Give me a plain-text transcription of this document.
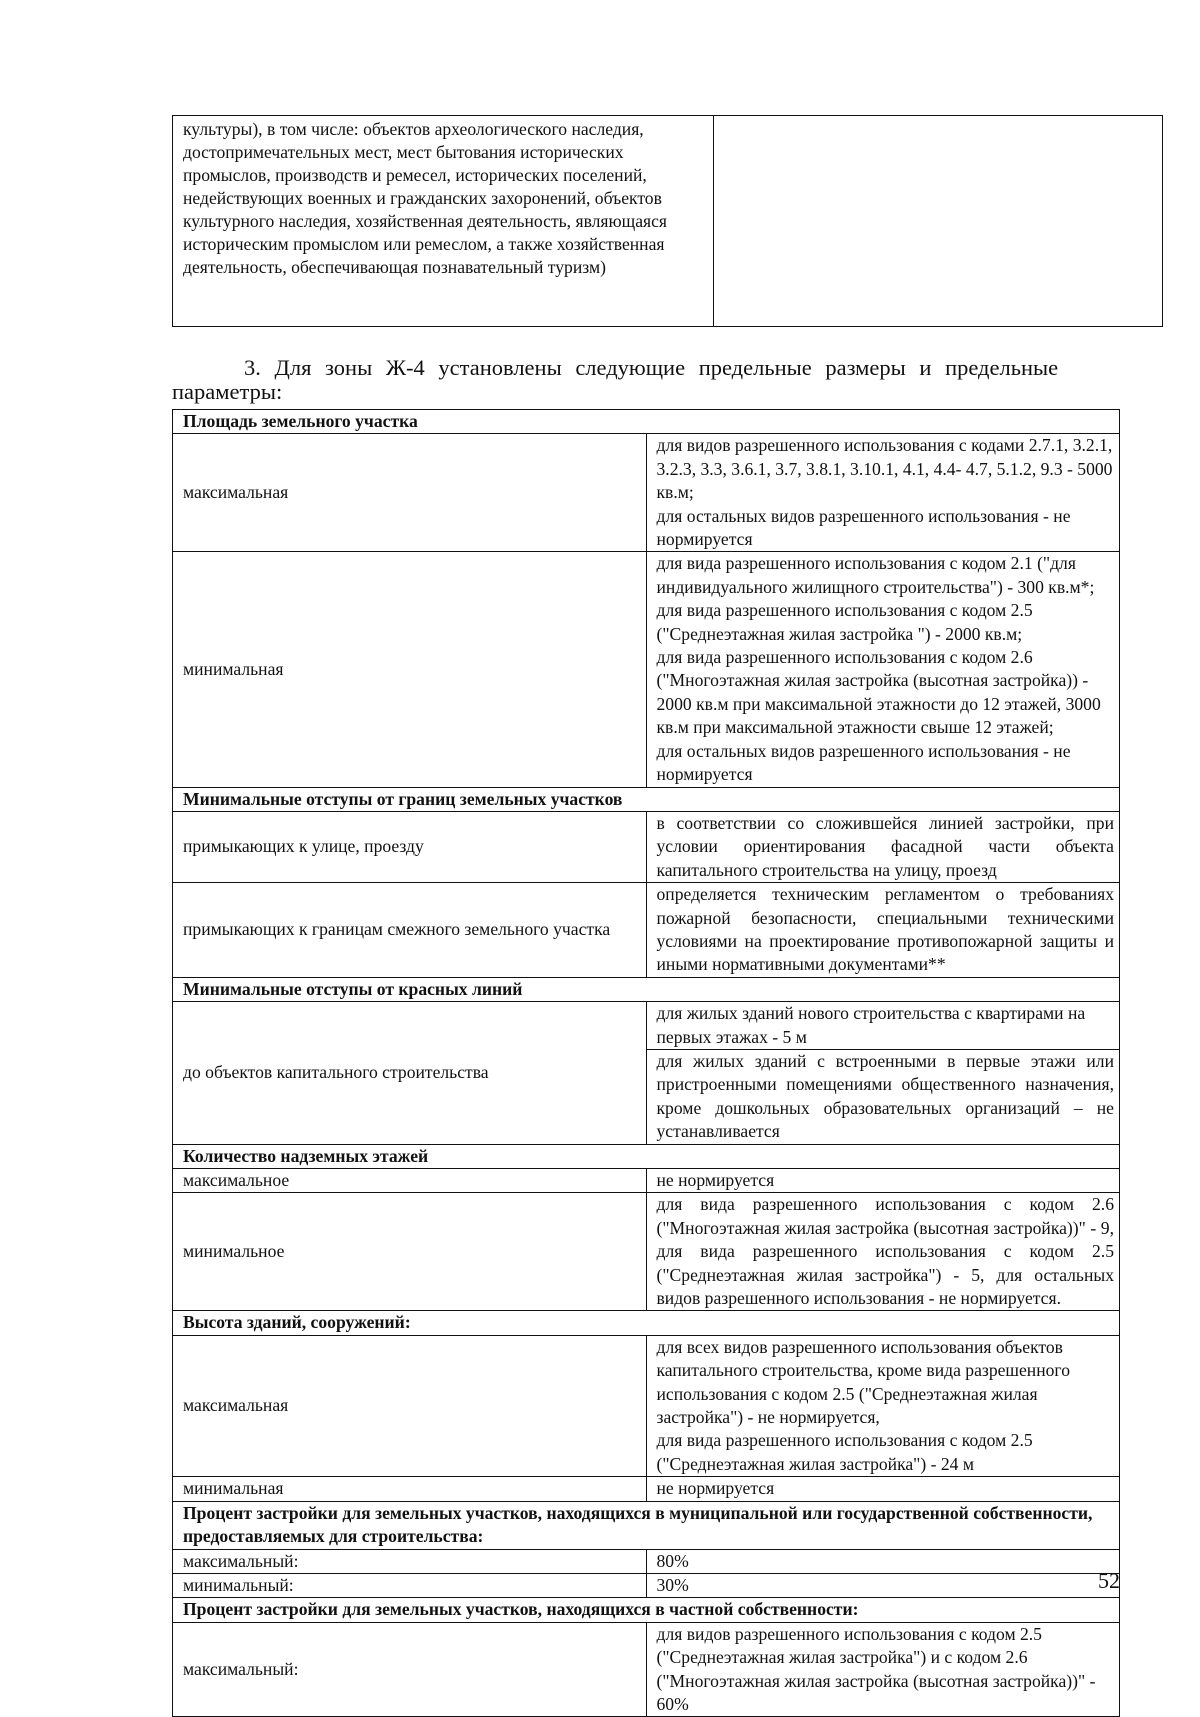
культуры), в том числе: объектов археологического наследия, достопримечательных мест, мест бытования исторических промыслов, производств и ремесел, исторических поселений, недействующих военных и гражданских захоронений, объектов культурного наследия, хозяйственная деятельность, являющаяся историческим промыслом или ремеслом, а также хозяйственная деятельность, обеспечивающая познавательный туризм)	
3. Для зоны Ж-4 установлены следующие предельные размеры и предельные
параметры:
Площадь земельного участка	
максимальная	для видов разрешенного использования с кодами 2.7.1, 3.2.1, 3.2.3, 3.3, 3.6.1, 3.7, 3.8.1, 3.10.1, 4.1, 4.4- 4.7, 5.1.2, 9.3 - 5000 кв.м;
для остальных видов разрешенного использования - не нормируется
минимальная	для вида разрешенного использования с кодом 2.1 ("для индивидуального жилищного строительства") - 300 кв.м*;
для вида разрешенного использования с кодом 2.5 ("Среднеэтажная жилая застройка ") - 2000 кв.м;
для вида разрешенного использования с кодом 2.6 ("Многоэтажная жилая застройка (высотная застройка)) - 2000 кв.м при максимальной этажности до 12 этажей, 3000 кв.м при максимальной этажности свыше 12 этажей;
для остальных видов разрешенного использования - не нормируется
Минимальные отступы от границ земельных участков	
примыкающих к улице, проезду	в соответствии со сложившейся линией застройки, при условии ориентирования фасадной части объекта капитального строительства на улицу, проезд
примыкающих к границам смежного земельного участка	определяется техническим регламентом о требованиях пожарной безопасности, специальными техническими условиями на проектирование противопожарной защиты и иными нормативными документами**
Минимальные отступы от красных линий	
до объектов капитального строительства	для жилых зданий нового строительства с квартирами на первых этажах - 5 м
	для жилых зданий с встроенными в первые этажи или пристроенными помещениями общественного назначения, кроме дошкольных образовательных организаций – не устанавливается
Количество надземных этажей	
максимальное	не нормируется
минимальное	для вида разрешенного использования с кодом 2.6 ("Многоэтажная жилая застройка (высотная застройка))" - 9, для вида разрешенного использования с кодом 2.5 ("Среднеэтажная жилая застройка") - 5, для остальных видов разрешенного использования - не нормируется.
Высота зданий, сооружений:	
максимальная	для всех видов разрешенного использования объектов капитального строительства, кроме вида разрешенного использования с кодом 2.5 ("Среднеэтажная жилая застройка") - не нормируется,
для вида разрешенного использования с кодом 2.5 ("Среднеэтажная жилая застройка") - 24 м
минимальная	не нормируется
Процент застройки для земельных участков, находящихся в муниципальной или государственной собственности, предоставляемых для строительства:	
максимальный:	80%
минимальный:	30%
Процент застройки для земельных участков, находящихся в частной собственности:	
максимальный:	для видов разрешенного использования с кодом 2.5 ("Среднеэтажная жилая застройка") и с кодом 2.6 ("Многоэтажная жилая застройка (высотная застройка))" - 60%
52
